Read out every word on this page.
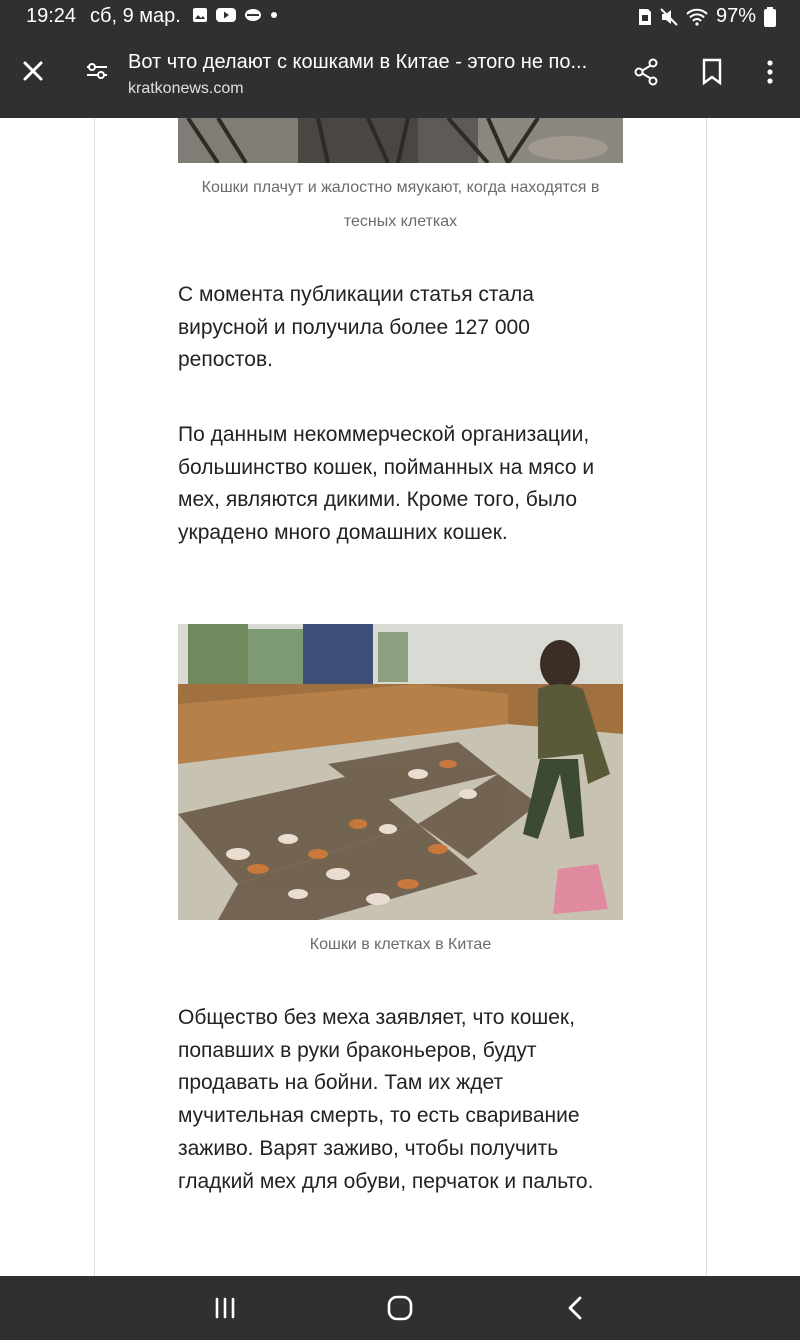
19:24 сб, 9 мар.	97%
Вот что делают с кошками в Китае - этого не по...
kratkonews.com
Кошки плачут и жалостно мяукают, когда находятся в тесных клетках

С момента публикации статья стала вирусной и получила более 127 000 репостов.

По данным некоммерческой организации, большинство кошек, пойманных на мясо и мех, являются дикими. Кроме того, было украдено много домашних кошек.

Кошки в клетках в Китае

Общество без меха заявляет, что кошек, попавших в руки браконьеров, будут продавать на бойни. Там их ждет мучительная смерть, то есть сваривание заживо. Варят заживо, чтобы получить гладкий мех для обуви, перчаток и пальто.
